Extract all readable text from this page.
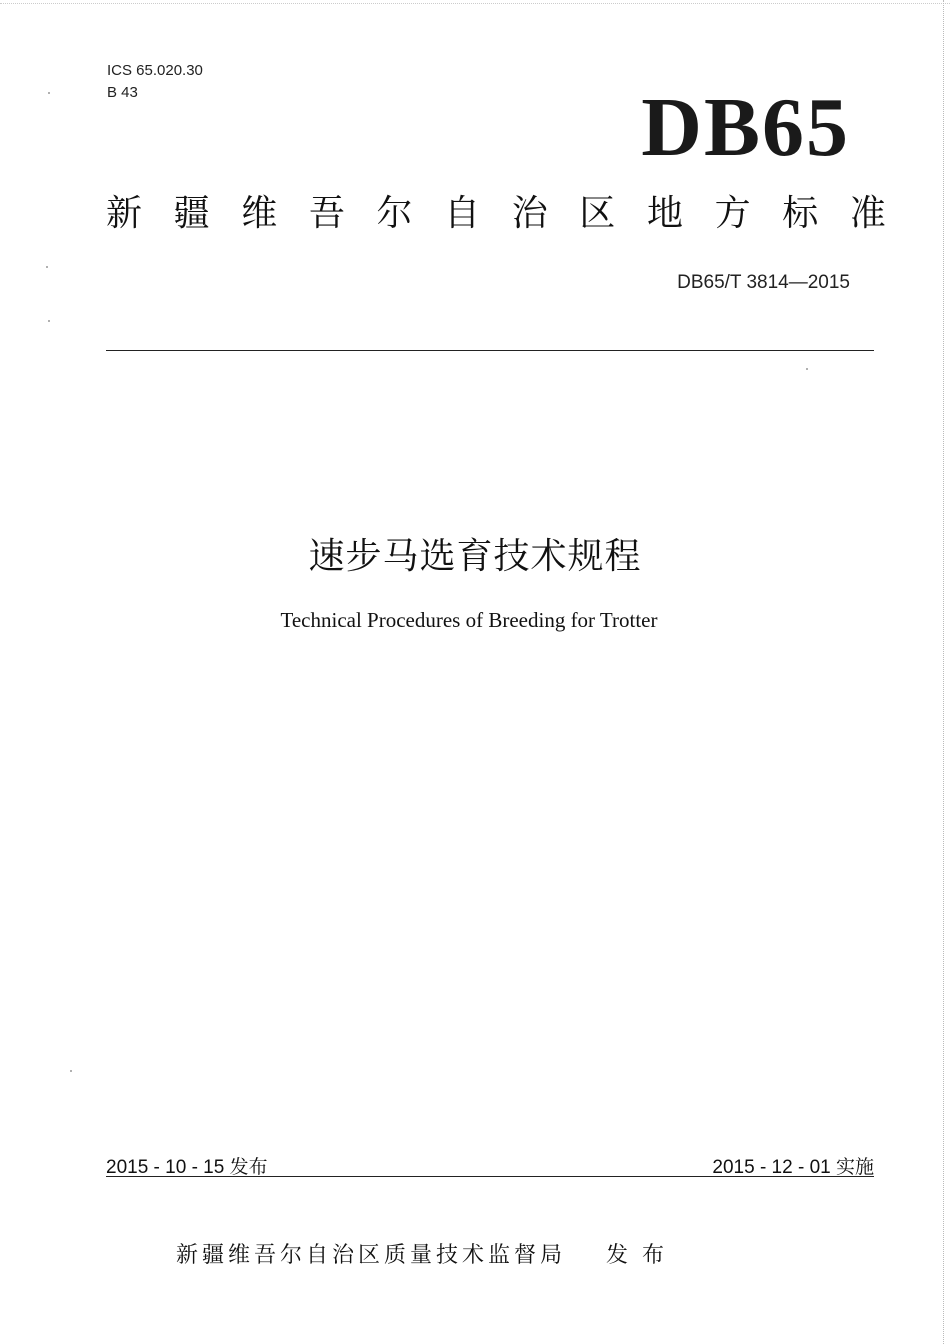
ICS 65.020.30
B 43	DB65
新 疆 维 吾 尔 自 治 区 地 方 标 准
DB65/T 3814—2015
速步马选育技术规程
Technical Procedures of Breeding for Trotter
2015 - 10 - 15 发布	2015 - 12 - 01 实施
新疆维吾尔自治区质量技术监督局 发布
